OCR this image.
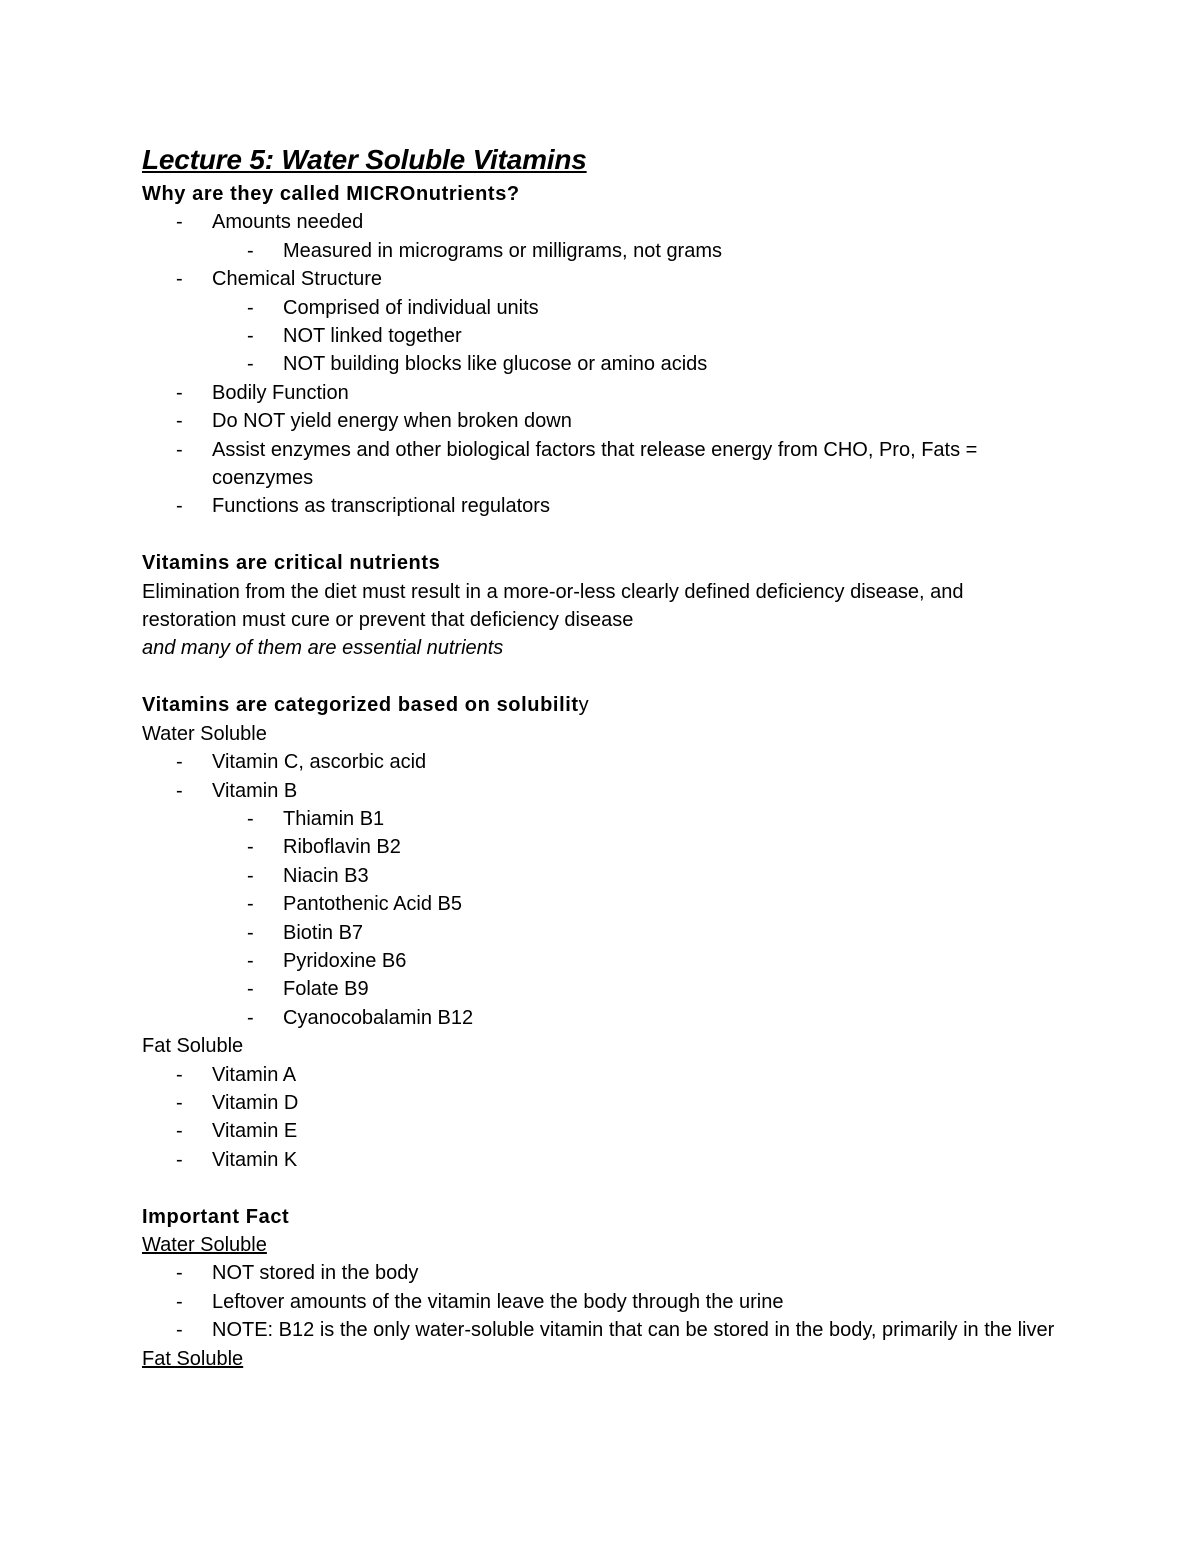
Lecture 5: Water Soluble Vitamins
Why are they called MICROnutrients?
- Amounts needed
- Measured in micrograms or milligrams, not grams
- Chemical Structure
- Comprised of individual units
- NOT linked together
- NOT building blocks like glucose or amino acids
- Bodily Function
- Do NOT yield energy when broken down
- Assist enzymes and other biological factors that release energy from CHO, Pro, Fats = coenzymes
- Functions as transcriptional regulators
Vitamins are critical nutrients
Elimination from the diet must result in a more-or-less clearly defined deficiency disease, and restoration must cure or prevent that deficiency disease
and many of them are essential nutrients
Vitamins are categorized based on solubility
Water Soluble
- Vitamin C, ascorbic acid
- Vitamin B
- Thiamin B1
- Riboflavin B2
- Niacin B3
- Pantothenic Acid B5
- Biotin B7
- Pyridoxine B6
- Folate B9
- Cyanocobalamin B12
Fat Soluble
- Vitamin A
- Vitamin D
- Vitamin E
- Vitamin K
Important Fact
Water Soluble
- NOT stored in the body
- Leftover amounts of the vitamin leave the body through the urine
- NOTE: B12 is the only water-soluble vitamin that can be stored in the body, primarily in the liver
Fat Soluble
